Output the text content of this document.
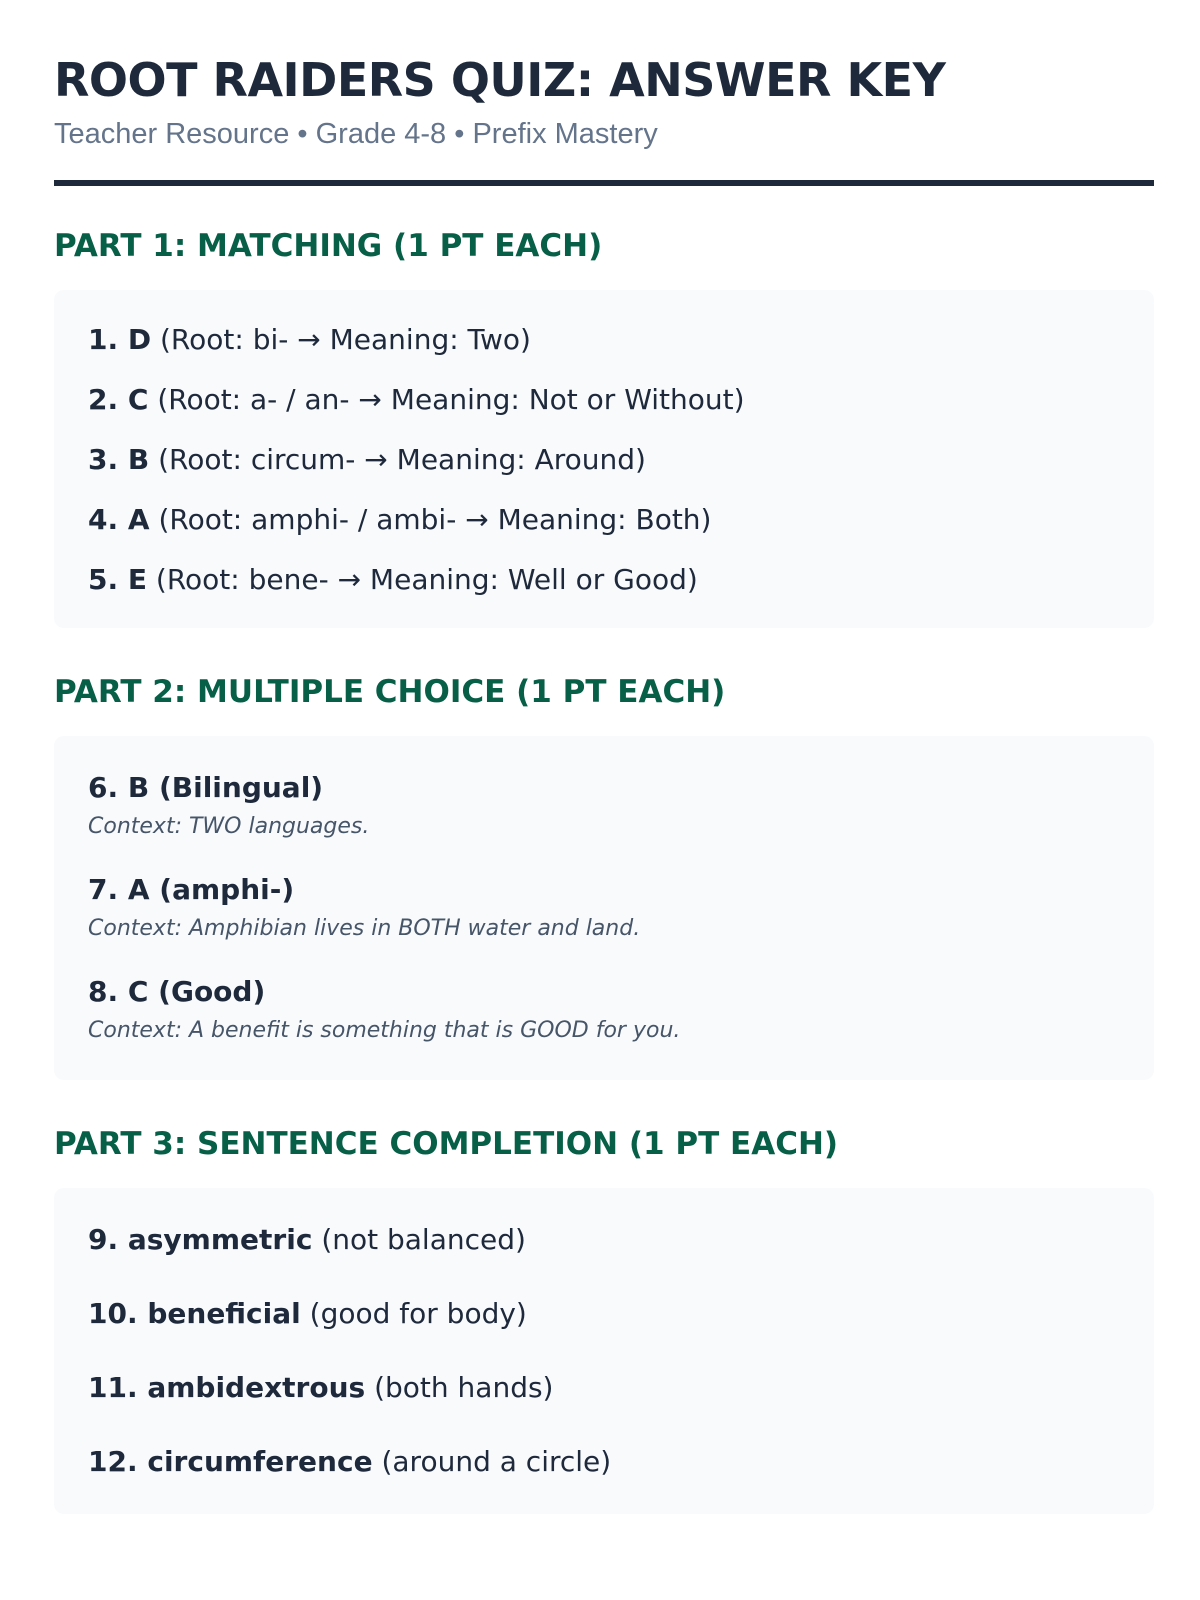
ROOT RAIDERS QUIZ: ANSWER KEY
Teacher Resource • Grade 4-8 • Prefix Mastery
PART 1: MATCHING (1 PT EACH)
1. D (Root: bi- → Meaning: Two)
2. C (Root: a- / an- → Meaning: Not or Without)
3. B (Root: circum- → Meaning: Around)
4. A (Root: amphi- / ambi- → Meaning: Both)
5. E (Root: bene- → Meaning: Well or Good)
PART 2: MULTIPLE CHOICE (1 PT EACH)
6. B (Bilingual)
Context: TWO languages.
7. A (amphi-)
Context: Amphibian lives in BOTH water and land.
8. C (Good)
Context: A benefit is something that is GOOD for you.
PART 3: SENTENCE COMPLETION (1 PT EACH)
9. asymmetric (not balanced)
10. beneficial (good for body)
11. ambidextrous (both hands)
12. circumference (around a circle)
